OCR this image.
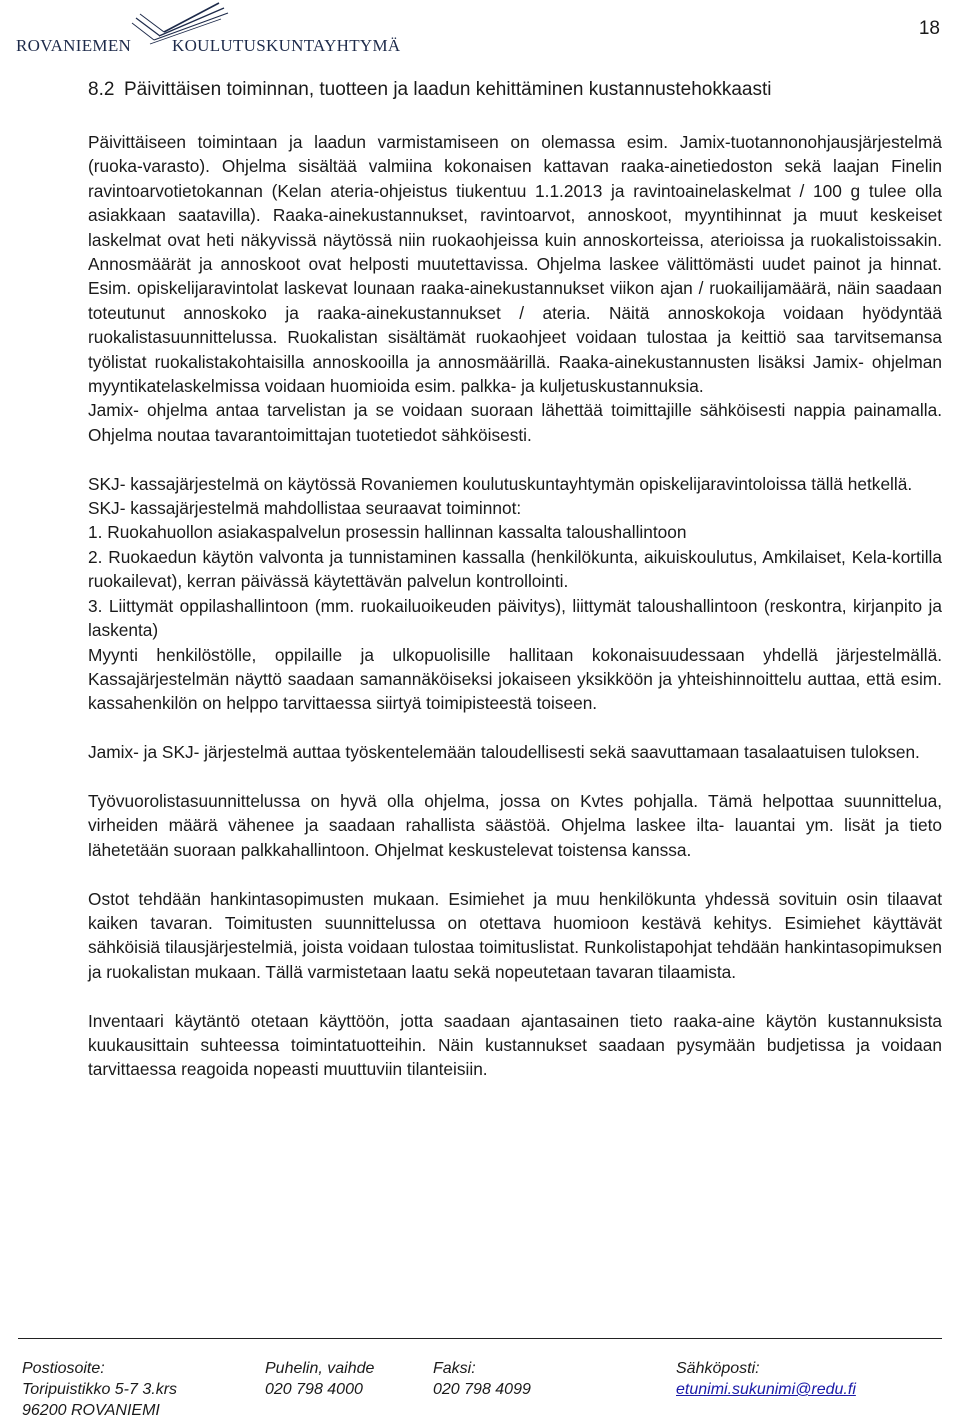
ROVANIEMEN KOULUTUSKUNTAYHTYMÄ
18
8.2 Päivittäisen toiminnan, tuotteen ja laadun kehittäminen kustannustehokkaasti

Päivittäiseen toimintaan ja laadun varmistamiseen on olemassa esim. Jamix-tuotannonohjausjärjestelmä (ruoka-varasto). Ohjelma sisältää valmiina kokonaisen kattavan raaka-ainetiedoston sekä laajan Finelin ravintoarvotietokannan (Kelan ateria-ohjeistus tiukentuu 1.1.2013 ja ravintoainelaskelmat / 100 g tulee olla asiakkaan saatavilla). Raaka-ainekustannukset, ravintoarvot, annoskoot, myyntihinnat ja muut keskeiset laskelmat ovat heti näkyvissä näytössä niin ruokaohjeissa kuin annoskorteissa, aterioissa ja ruokalistoissakin. Annosmäärät ja annoskoot ovat helposti muutettavissa. Ohjelma laskee välittömästi uudet painot ja hinnat. Esim. opiskelijaravintolat laskevat lounaan raaka-ainekustannukset viikon ajan / ruokailijamäärä, näin saadaan toteutunut annoskoko ja raaka-ainekustannukset / ateria. Näitä annoskokoja voidaan hyödyntää ruokalistasuunnittelussa. Ruokalistan sisältämät ruokaohjeet voidaan tulostaa ja keittiö saa tarvitsemansa työlistat ruokalistakohtaisilla annoskooilla ja annosmäärillä. Raaka-ainekustannusten lisäksi Jamix- ohjelman myyntikatelaskelmissa voidaan huomioida esim. palkka- ja kuljetuskustannuksia.

Jamix- ohjelma antaa tarvelistan ja se voidaan suoraan lähettää toimittajille sähköisesti nappia painamalla. Ohjelma noutaa tavarantoimittajan tuotetiedot sähköisesti.

SKJ- kassajärjestelmä on käytössä Rovaniemen koulutuskuntayhtymän opiskelijaravintoloissa tällä hetkellä.

SKJ- kassajärjestelmä mahdollistaa seuraavat toiminnot:

1. Ruokahuollon asiakaspalvelun prosessin hallinnan kassalta taloushallintoon

2. Ruokaedun käytön valvonta ja tunnistaminen kassalla (henkilökunta, aikuiskoulutus, Amkilaiset, Kela-kortilla ruokailevat), kerran päivässä käytettävän palvelun kontrollointi.

3. Liittymät oppilashallintoon (mm. ruokailuoikeuden päivitys), liittymät taloushallintoon (reskontra, kirjanpito ja laskenta)

Myynti henkilöstölle, oppilaille ja ulkopuolisille hallitaan kokonaisuudessaan yhdellä järjestelmällä. Kassajärjestelmän näyttö saadaan samannäköiseksi jokaiseen yksikköön ja yhteishinnoittelu auttaa, että esim. kassahenkilön on helppo tarvittaessa siirtyä toimipisteestä toiseen.

Jamix- ja SKJ- järjestelmä auttaa työskentelemään taloudellisesti sekä saavuttamaan tasalaatuisen tuloksen.

Työvuorolistasuunnittelussa on hyvä olla ohjelma, jossa on Kvtes pohjalla. Tämä helpottaa suunnittelua, virheiden määrä vähenee ja saadaan rahallista säästöä. Ohjelma laskee ilta- lauantai ym. lisät ja tieto lähetetään suoraan palkkahallintoon. Ohjelmat keskustelevat toistensa kanssa.

Ostot tehdään hankintasopimusten mukaan. Esimiehet ja muu henkilökunta yhdessä sovituin osin tilaavat kaiken tavaran. Toimitusten suunnittelussa on otettava huomioon kestävä kehitys. Esimiehet käyttävät sähköisiä tilausjärjestelmiä, joista voidaan tulostaa toimituslistat. Runkolistapohjat tehdään hankintasopimuksen ja ruokalistan mukaan. Tällä varmistetaan laatu sekä nopeutetaan tavaran tilaamista.

Inventaari käytäntö otetaan käyttöön, jotta saadaan ajantasainen tieto raaka-aine käytön kustannuksista kuukausittain suhteessa toimintatuotteihin. Näin kustannukset saadaan pysymään budjetissa ja voidaan tarvittaessa reagoida nopeasti muuttuviin tilanteisiin.

Postiosoite:
Toripuistikko 5-7 3.krs
96200 ROVANIEMI
Puhelin, vaihde
020 798 4000
Faksi:
020 798 4099
Sähköposti:
etunimi.sukunimi@redu.fi
